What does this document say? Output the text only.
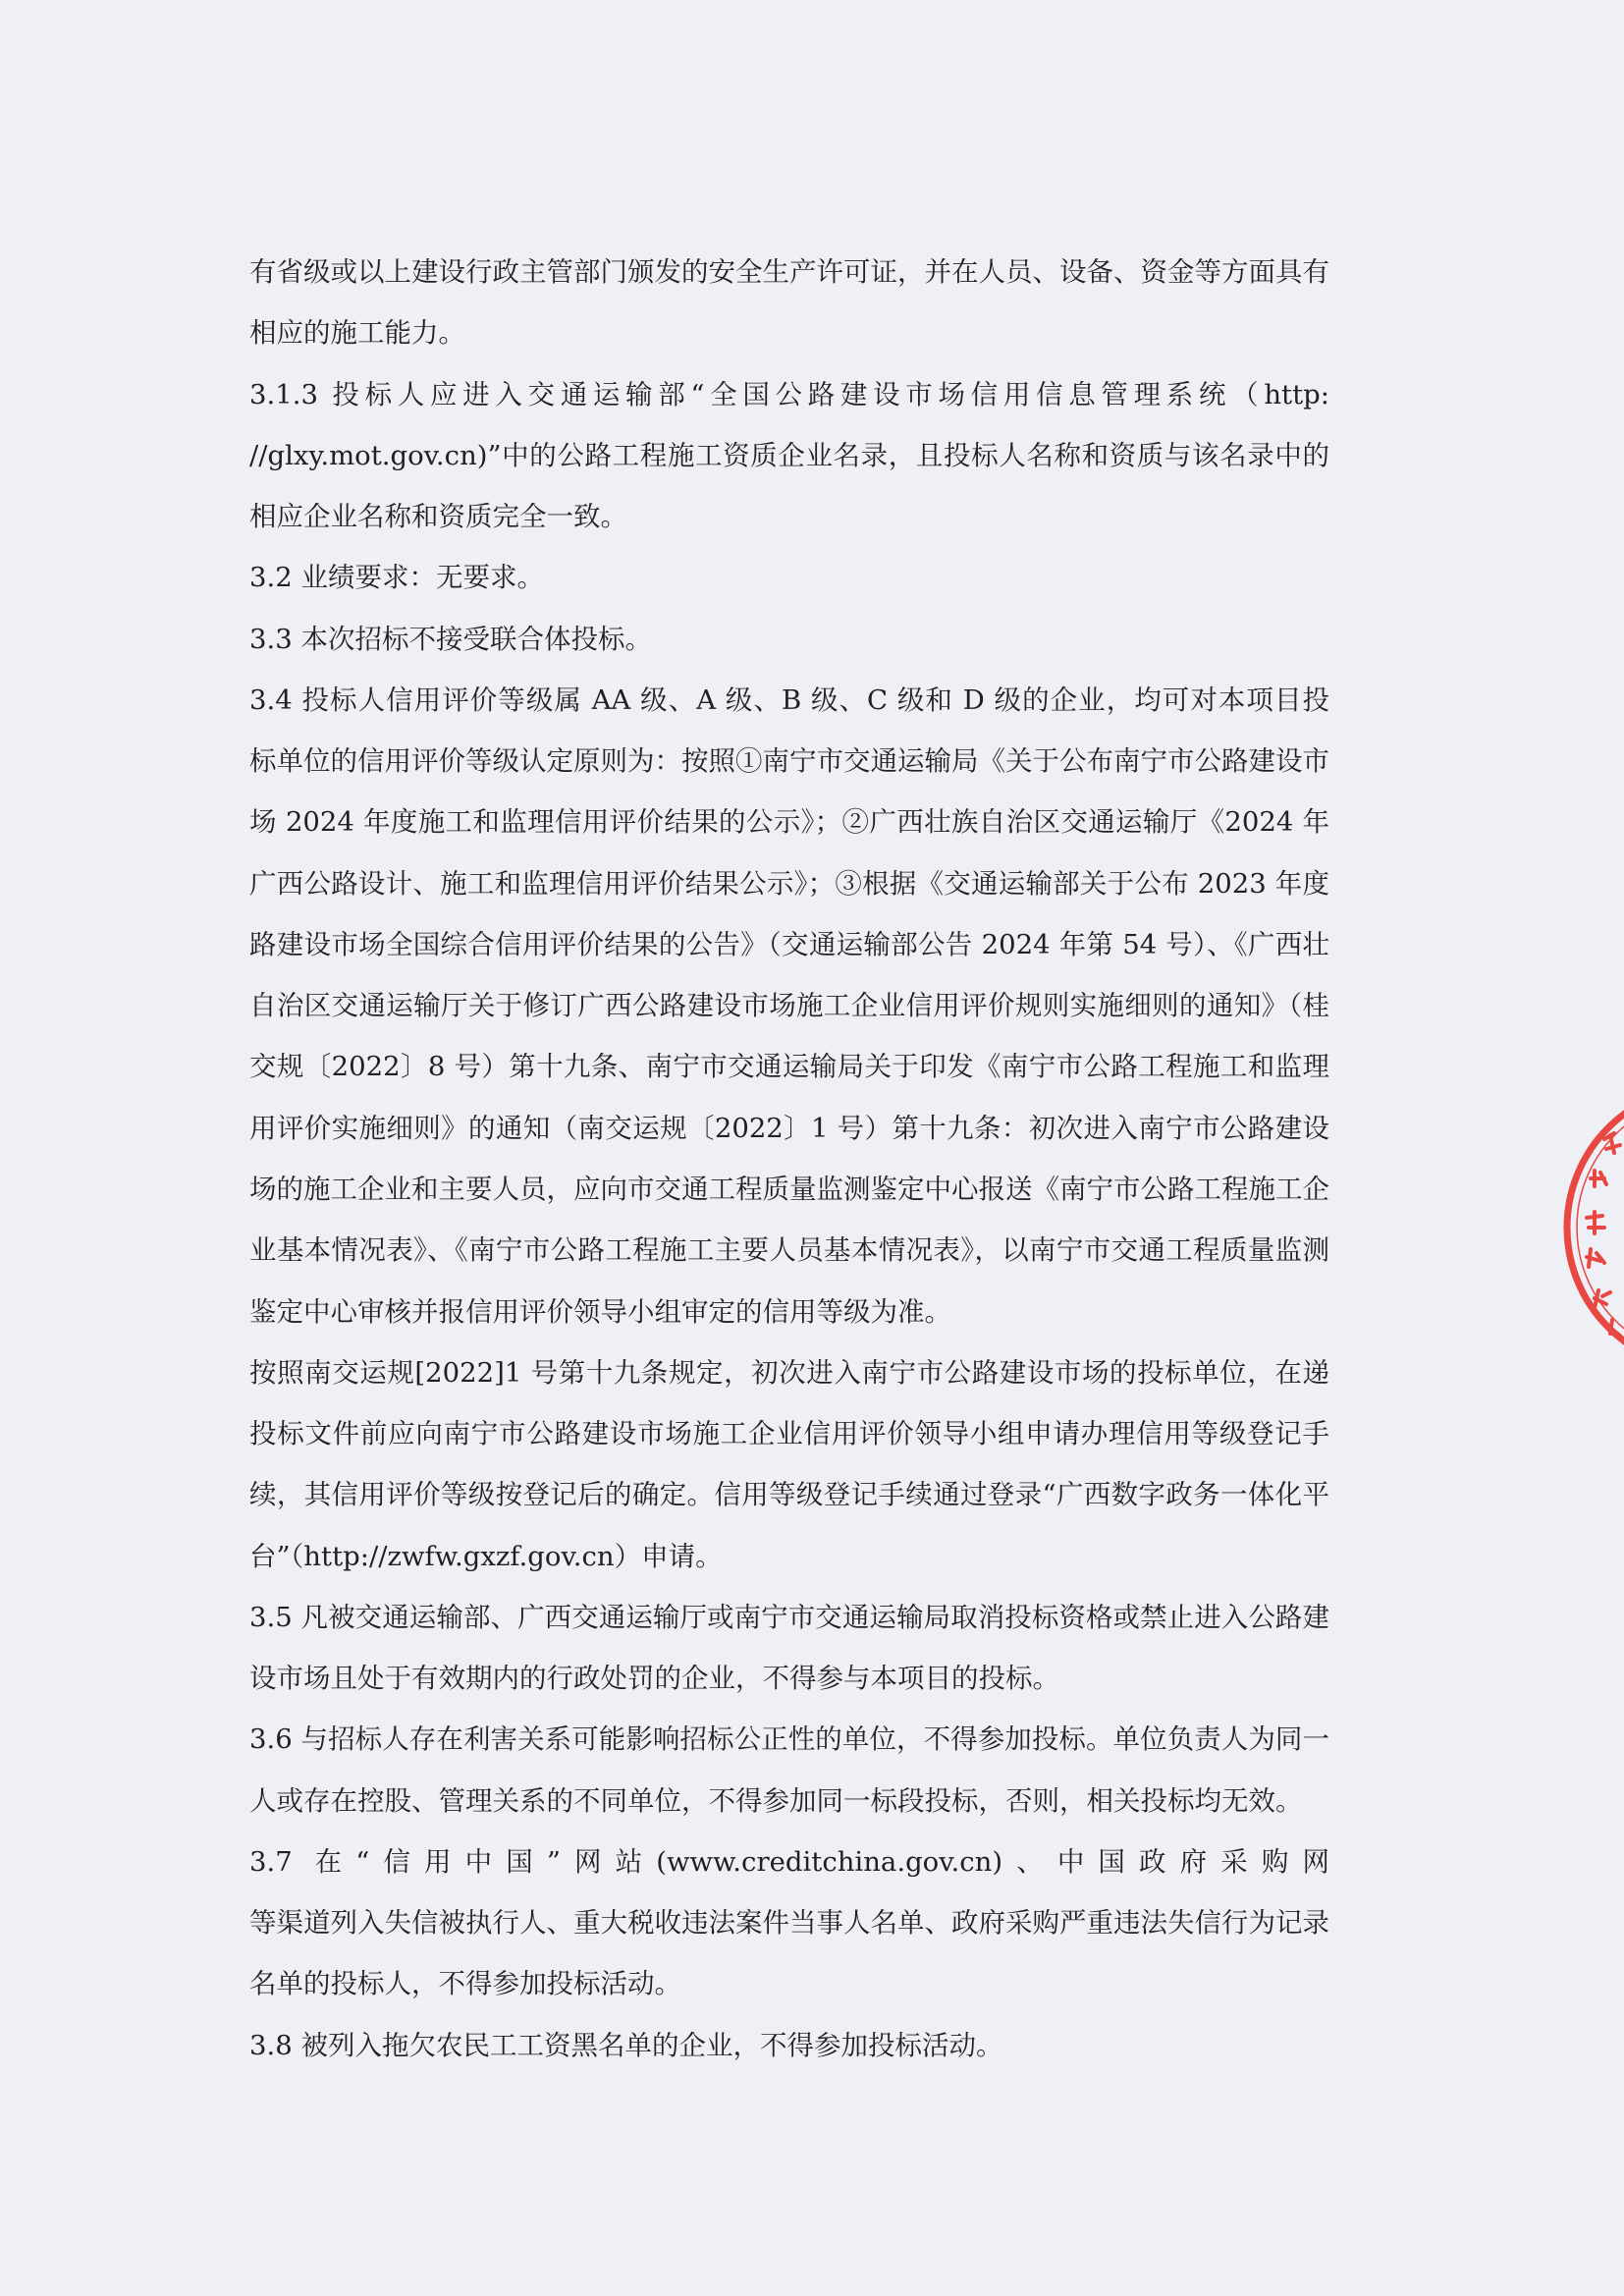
有省级或以上建设行政主管部门颁发的安全生产许可证，并在人员、设备、资金等方面具有
相应的施工能力。
3.1.3 投标人应进入交通运输部“全国公路建设市场信用信息管理系统（http:
//glxy.mot.gov.cn)”中的公路工程施工资质企业名录，且投标人名称和资质与该名录中的
相应企业名称和资质完全一致。
3.2 业绩要求：无要求。
3.3 本次招标不接受联合体投标。
3.4 投标人信用评价等级属 AA 级、A 级、B 级、C 级和 D 级的企业，均可对本项目投
标单位的信用评价等级认定原则为：按照①南宁市交通运输局《关于公布南宁市公路建设市
场 2024 年度施工和监理信用评价结果的公示》；②广西壮族自治区交通运输厅《2024 年
广西公路设计、施工和监理信用评价结果公示》；③根据《交通运输部关于公布 2023 年度
路建设市场全国综合信用评价结果的公告》（交通运输部公告 2024 年第 54 号）、《广西壮
自治区交通运输厅关于修订广西公路建设市场施工企业信用评价规则实施细则的通知》（桂
交规〔2022〕8 号）第十九条、南宁市交通运输局关于印发《南宁市公路工程施工和监理
用评价实施细则》的通知（南交运规〔2022〕1 号）第十九条：初次进入南宁市公路建设
场的施工企业和主要人员，应向市交通工程质量监测鉴定中心报送《南宁市公路工程施工企
业基本情况表》、《南宁市公路工程施工主要人员基本情况表》，以南宁市交通工程质量监测
鉴定中心审核并报信用评价领导小组审定的信用等级为准。
按照南交运规[2022]1 号第十九条规定，初次进入南宁市公路建设市场的投标单位，在递
投标文件前应向南宁市公路建设市场施工企业信用评价领导小组申请办理信用等级登记手
续，其信用评价等级按登记后的确定。信用等级登记手续通过登录“广西数字政务一体化平
台”（http://zwfw.gxzf.gov.cn）申请。
3.5 凡被交通运输部、广西交通运输厅或南宁市交通运输局取消投标资格或禁止进入公路建
设市场且处于有效期内的行政处罚的企业，不得参与本项目的投标。
3.6 与招标人存在利害关系可能影响招标公正性的单位，不得参加投标。单位负责人为同一
人或存在控股、管理关系的不同单位，不得参加同一标段投标，否则，相关投标均无效。
3.7 在“信用中国”网站(www.creditchina.gov.cn)、中国政府采购网
等渠道列入失信被执行人、重大税收违法案件当事人名单、政府采购严重违法失信行为记录
名单的投标人，不得参加投标活动。
3.8 被列入拖欠农民工工资黑名单的企业，不得参加投标活动。
